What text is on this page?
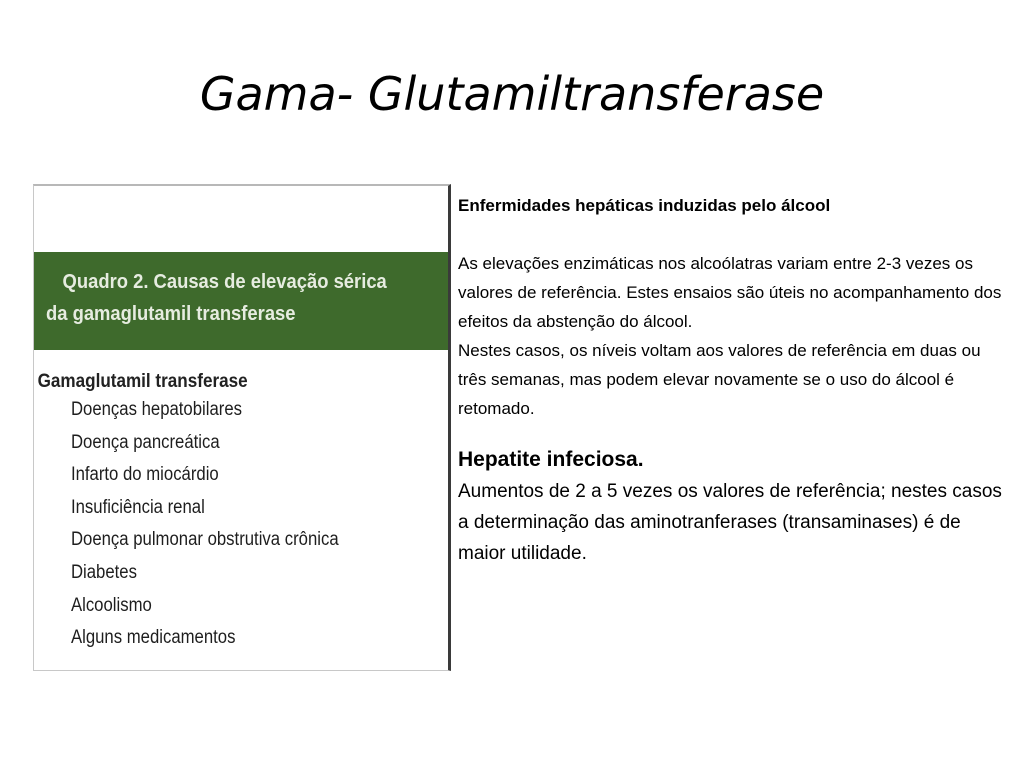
Gama- Glutamiltransferase
Quadro 2. Causas de elevação sérica
da gamaglutamil transferase
Gamaglutamil transferase
Doenças hepatobilares
Doença pancreática
Infarto do miocárdio
Insuficiência renal
Doença pulmonar obstrutiva crônica
Diabetes
Alcoolismo
Alguns medicamentos

Enfermidades hepáticas induzidas pelo álcool

As elevações enzimáticas nos alcoólatras variam entre 2-3 vezes os valores de referência. Estes ensaios são úteis no acompanhamento dos efeitos da abstenção do álcool.

Nestes casos, os níveis voltam aos valores de referência em duas ou três semanas, mas podem elevar novamente se o uso do álcool é retomado.

Hepatite infeciosa.

Aumentos de 2 a 5 vezes os valores de referência; nestes casos a determinação das aminotranferases (transaminases) é de maior utilidade.
